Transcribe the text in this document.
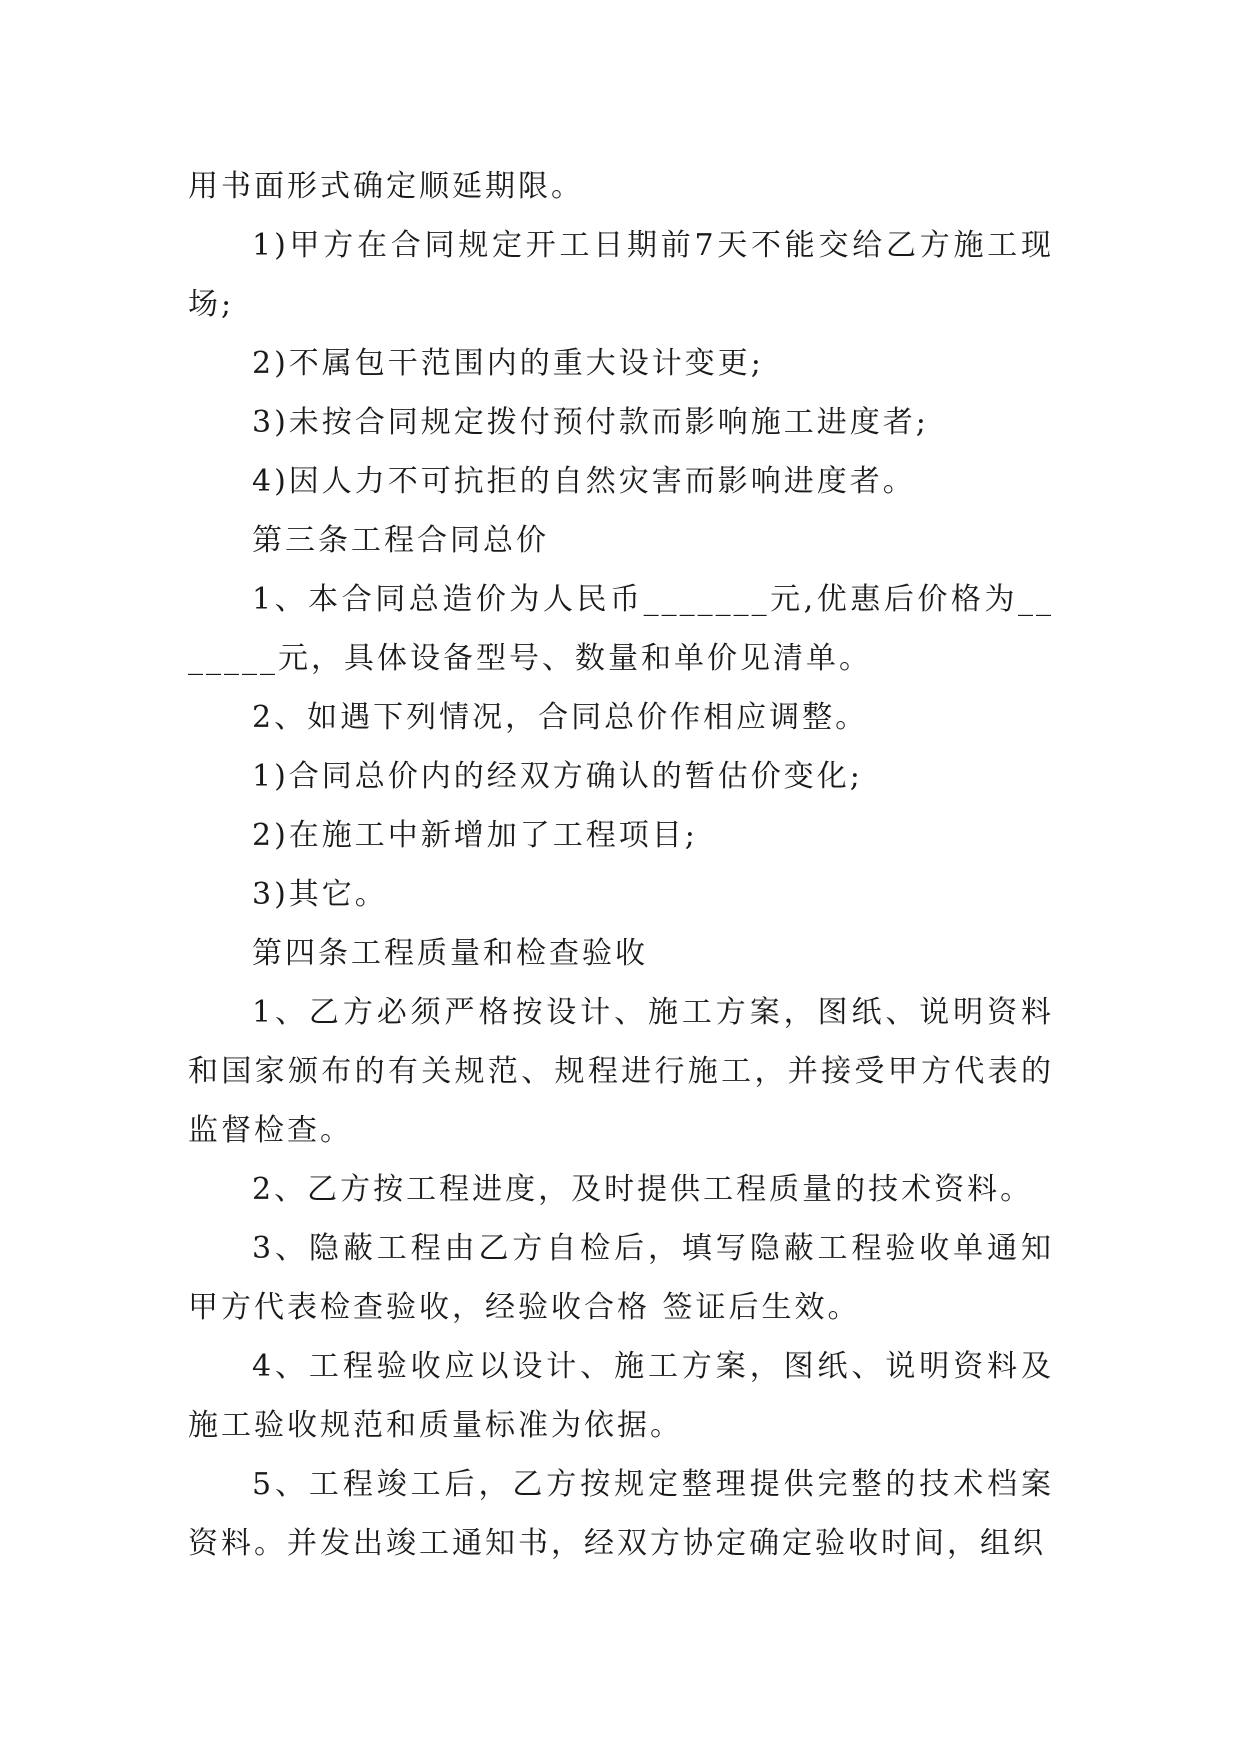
用书面形式确定顺延期限。

1)甲方在合同规定开工日期前7天不能交给乙方施工现场;

2)不属包干范围内的重大设计变更;

3)未按合同规定拨付预付款而影响施工进度者;

4)因人力不可抗拒的自然灾害而影响进度者。

第三条工程合同总价

1、本合同总造价为人民币_______元,优惠后价格为_______元，具体设备型号、数量和单价见清单。

2、如遇下列情况，合同总价作相应调整。

1)合同总价内的经双方确认的暂估价变化;

2)在施工中新增加了工程项目;

3)其它。

第四条工程质量和检查验收

1、乙方必须严格按设计、施工方案，图纸、说明资料和国家颁布的有关规范、规程进行施工，并接受甲方代表的监督检查。

2、乙方按工程进度，及时提供工程质量的技术资料。

3、隐蔽工程由乙方自检后，填写隐蔽工程验收单通知甲方代表检查验收，经验收合格 签证后生效。

4、工程验收应以设计、施工方案，图纸、说明资料及施工验收规范和质量标准为依据。

5、工程竣工后，乙方按规定整理提供完整的技术档案资料。并发出竣工通知书，经双方协定确定验收时间，组织
